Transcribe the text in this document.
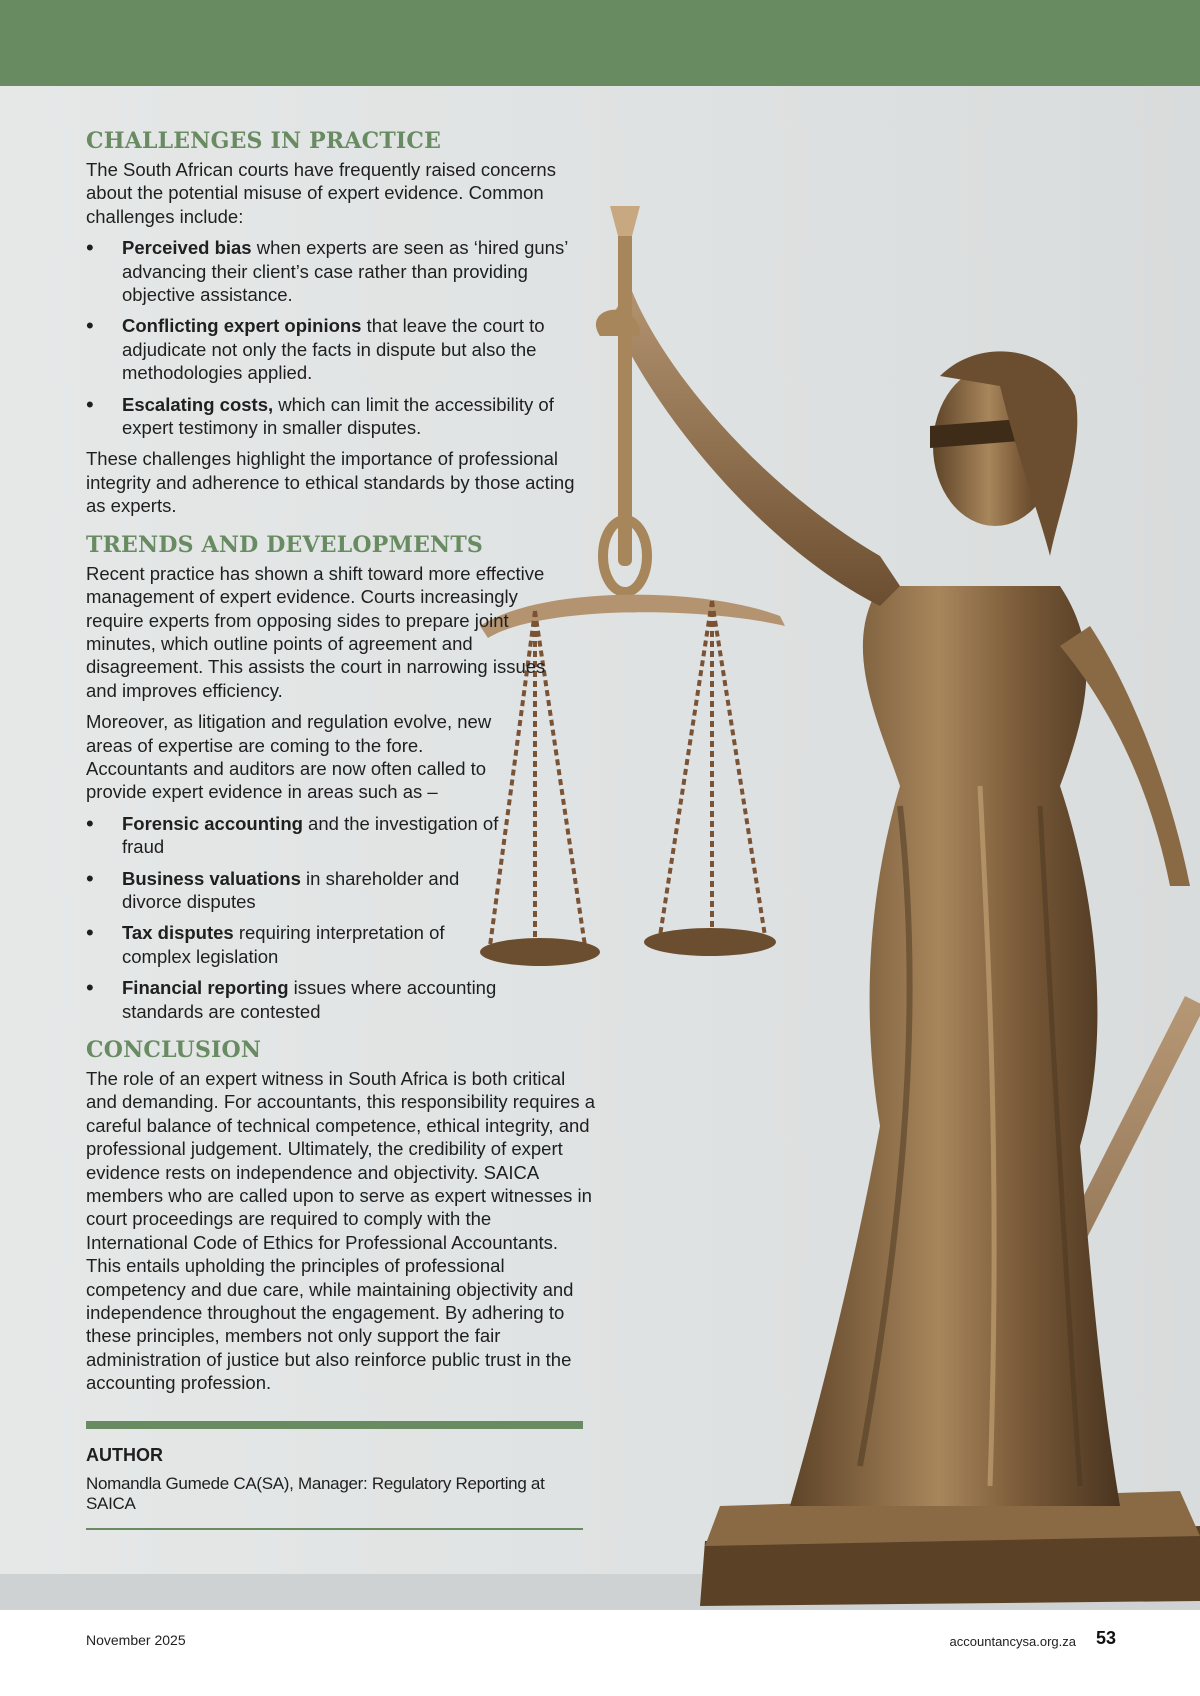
CHALLENGES IN PRACTICE

The South African courts have frequently raised concerns about the potential misuse of expert evidence. Common challenges include:

• Perceived bias when experts are seen as ‘hired guns’ advancing their client’s case rather than providing objective assistance.
• Conflicting expert opinions that leave the court to adjudicate not only the facts in dispute but also the methodologies applied.
• Escalating costs, which can limit the accessibility of expert testimony in smaller disputes.

These challenges highlight the importance of professional integrity and adherence to ethical standards by those acting as experts.

TRENDS AND DEVELOPMENTS

Recent practice has shown a shift toward more effective management of expert evidence. Courts increasingly require experts from opposing sides to prepare joint minutes, which outline points of agreement and disagreement. This assists the court in narrowing issues and improves efficiency.

Moreover, as litigation and regulation evolve, new areas of expertise are coming to the fore. Accountants and auditors are now often called to provide expert evidence in areas such as –

• Forensic accounting and the investigation of fraud
• Business valuations in shareholder and divorce disputes
• Tax disputes requiring interpretation of complex legislation
• Financial reporting issues where accounting standards are contested
CONCLUSION

The role of an expert witness in South Africa is both critical and demanding. For accountants, this responsibility requires a careful balance of technical competence, ethical integrity, and professional judgement. Ultimately, the credibility of expert evidence rests on independence and objectivity. SAICA members who are called upon to serve as expert witnesses in court proceedings are required to comply with the International Code of Ethics for Professional Accountants. This entails upholding the principles of professional competency and due care, while maintaining objectivity and independence throughout the engagement. By adhering to these principles, members not only support the fair administration of justice but also reinforce public trust in the accounting profession.

AUTHOR
Nomandla Gumede CA(SA), Manager: Regulatory Reporting at SAICA
November 2025	accountancysa.org.za 53
